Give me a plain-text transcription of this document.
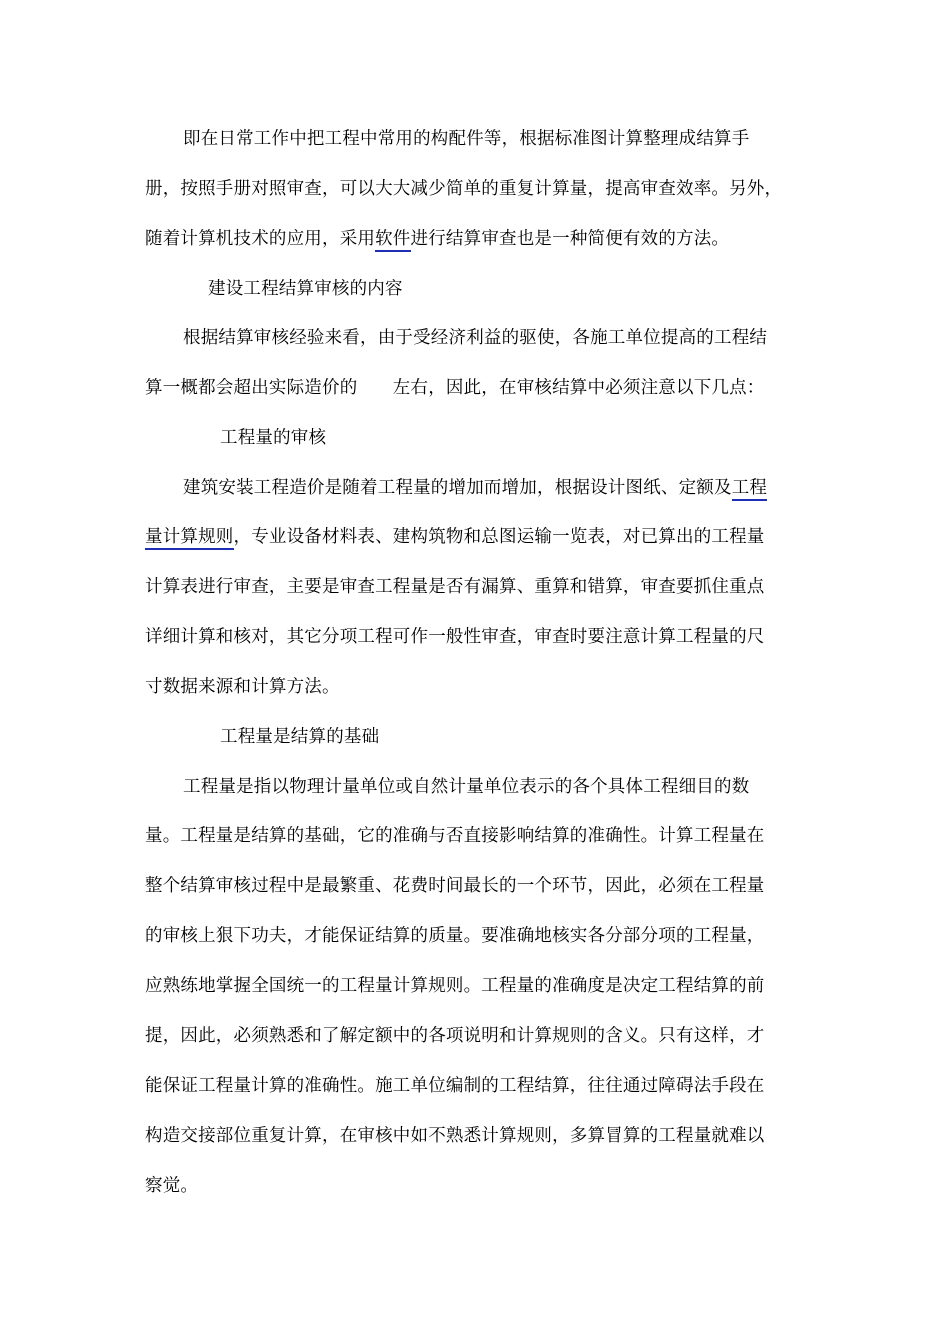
即在日常工作中把工程中常用的构配件等，根据标准图计算整理成结算手
册，按照手册对照审查，可以大大减少简单的重复计算量，提高审查效率。另外，
随着计算机技术的应用，采用软件进行结算审查也是一种简便有效的方法。
建设工程结算审核的内容
根据结算审核经验来看，由于受经济利益的驱使，各施工单位提高的工程结
算一概都会超出实际造价的　　左右，因此，在审核结算中必须注意以下几点：
工程量的审核
建筑安装工程造价是随着工程量的增加而增加，根据设计图纸、定额及工程
量计算规则，专业设备材料表、建构筑物和总图运输一览表，对已算出的工程量
计算表进行审查，主要是审查工程量是否有漏算、重算和错算，审查要抓住重点
详细计算和核对，其它分项工程可作一般性审查，审查时要注意计算工程量的尺
寸数据来源和计算方法。
工程量是结算的基础
工程量是指以物理计量单位或自然计量单位表示的各个具体工程细目的数
量。工程量是结算的基础，它的准确与否直接影响结算的准确性。计算工程量在
整个结算审核过程中是最繁重、花费时间最长的一个环节，因此，必须在工程量
的审核上狠下功夫，才能保证结算的质量。要准确地核实各分部分项的工程量，
应熟练地掌握全国统一的工程量计算规则。工程量的准确度是决定工程结算的前
提，因此，必须熟悉和了解定额中的各项说明和计算规则的含义。只有这样，才
能保证工程量计算的准确性。施工单位编制的工程结算，往往通过障碍法手段在
构造交接部位重复计算，在审核中如不熟悉计算规则，多算冒算的工程量就难以
察觉。
